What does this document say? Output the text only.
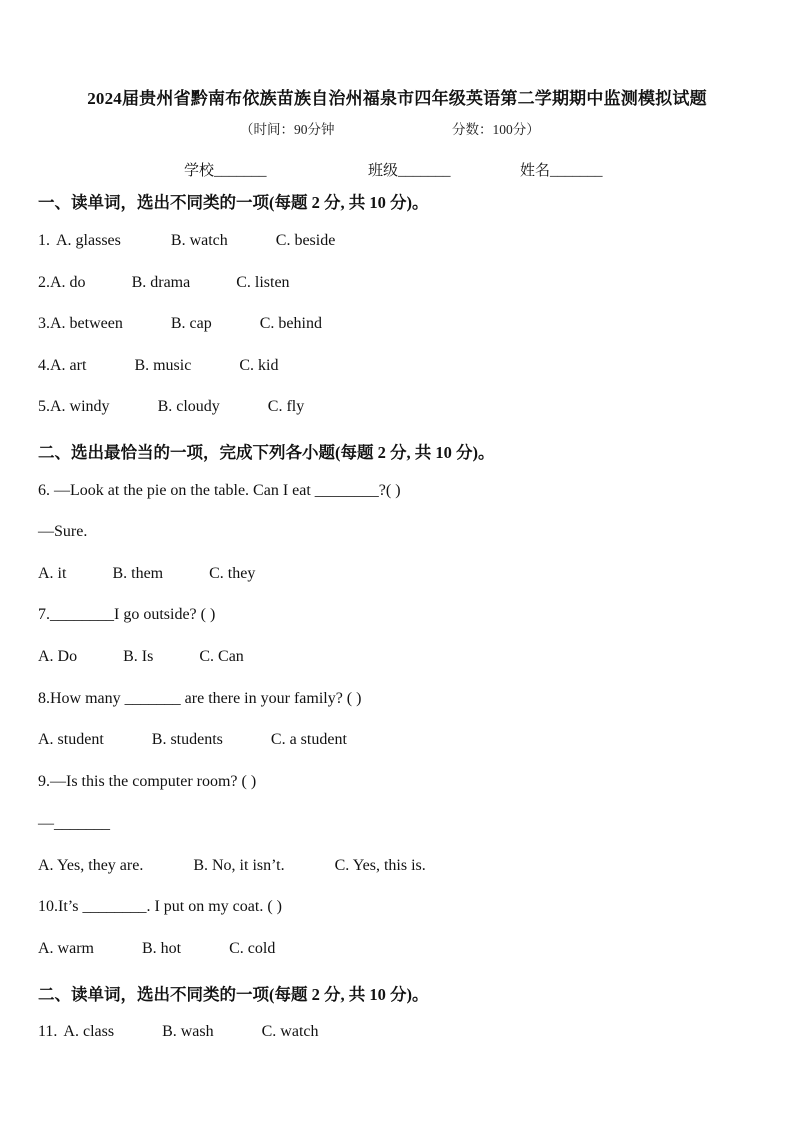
2024届贵州省黔南布依族苗族自治州福泉市四年级英语第二学期期中监测模拟试题
（时间：90分钟	分数：100分）
学校_______	班级_______	姓名_______
一、读单词，选出不同类的一项(每题 2 分, 共 10 分)。
1. A. glasses	B. watch	C. beside
2.A. do	B. drama	C. listen
3.A. between	B. cap	C. behind
4.A. art	B. music	C. kid
5.A. windy	B. cloudy	C. fly
二、选出最恰当的一项，完成下列各小题(每题 2 分, 共 10 分)。
6. —Look at the pie on the table. Can I eat ________?( )
—Sure.
A. it	B. them	C. they
7.________I go outside? ( )
A. Do	B. Is	C. Can
8.How many _______ are there in your family? ( )
A. student	B. students	C. a student
9.—Is this the computer room? ( )
—_______
A. Yes, they are.	B. No, it isn’t.	C. Yes, this is.
10.It’s ________. I put on my coat. ( )
A. warm	B. hot	C. cold
二、读单词，选出不同类的一项(每题 2 分, 共 10 分)。
11. A. class	B. wash	C. watch
